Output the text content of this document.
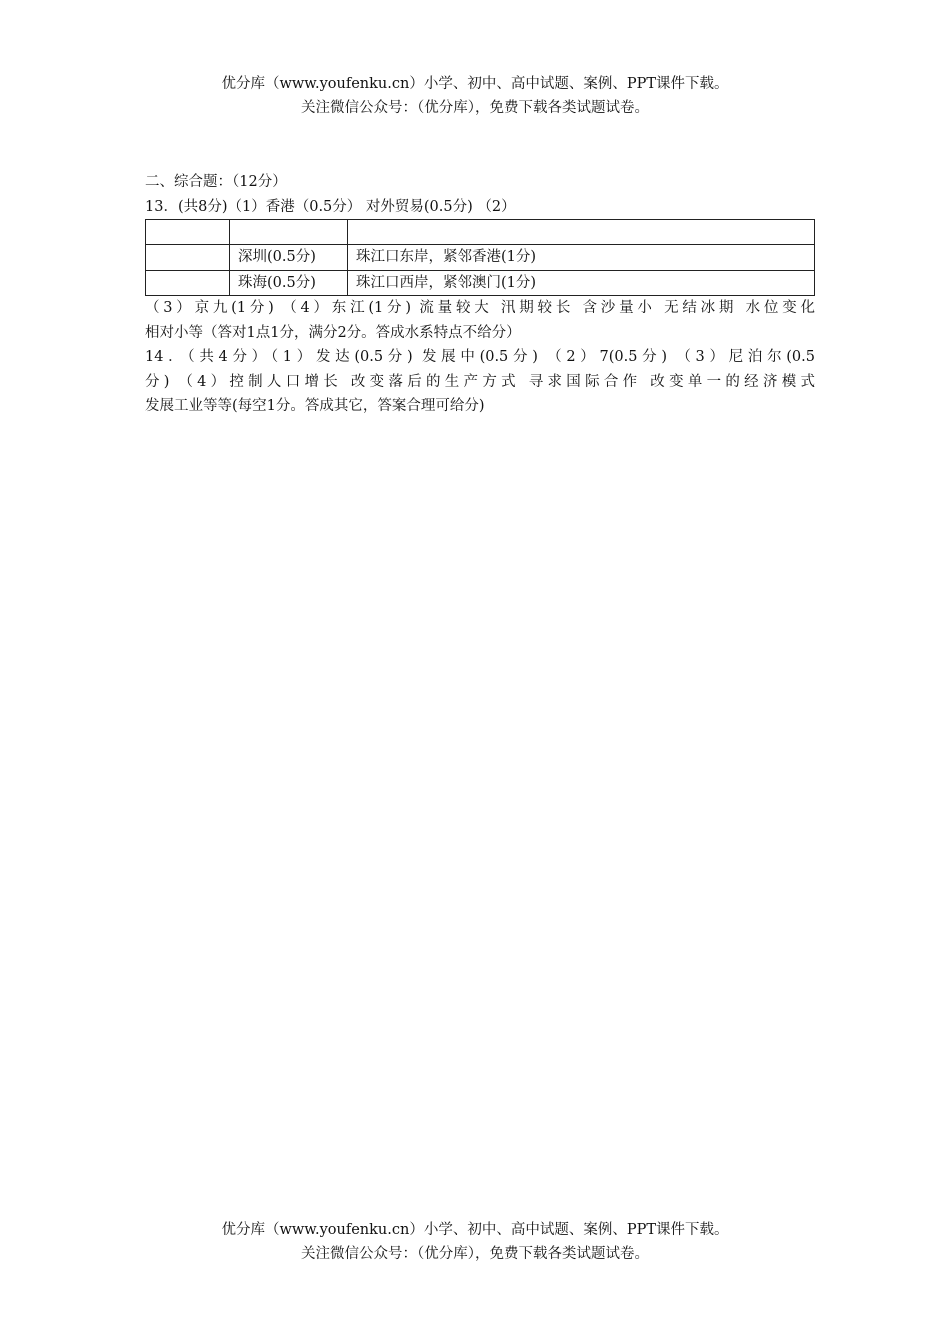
优分库（www.youfenku.cn）小学、初中、高中试题、案例、PPT课件下载。
关注微信公众号：（优分库），免费下载各类试题试卷。
二、综合题：（12分）
13．(共8分)（1）香港（0.5分） 对外贸易(0.5分) （2）

	深圳(0.5分)	珠江口东岸，紧邻香港(1分)
	珠海(0.5分)	珠江口西岸，紧邻澳门(1分)
（3）京九(1分) （4）东江(1分) 流量较大 汛期较长 含沙量小 无结冰期 水位变化
相对小等（答对1点1分，满分2分。答成水系特点不给分）
14．（共4分）（1）发达(0.5分) 发展中(0.5分) （2）7(0.5分) （3）尼泊尔(0.5
分) （4）控制人口增长 改变落后的生产方式 寻求国际合作 改变单一的经济模式
发展工业等等(每空1分。答成其它，答案合理可给分)
优分库（www.youfenku.cn）小学、初中、高中试题、案例、PPT课件下载。
关注微信公众号：（优分库），免费下载各类试题试卷。
